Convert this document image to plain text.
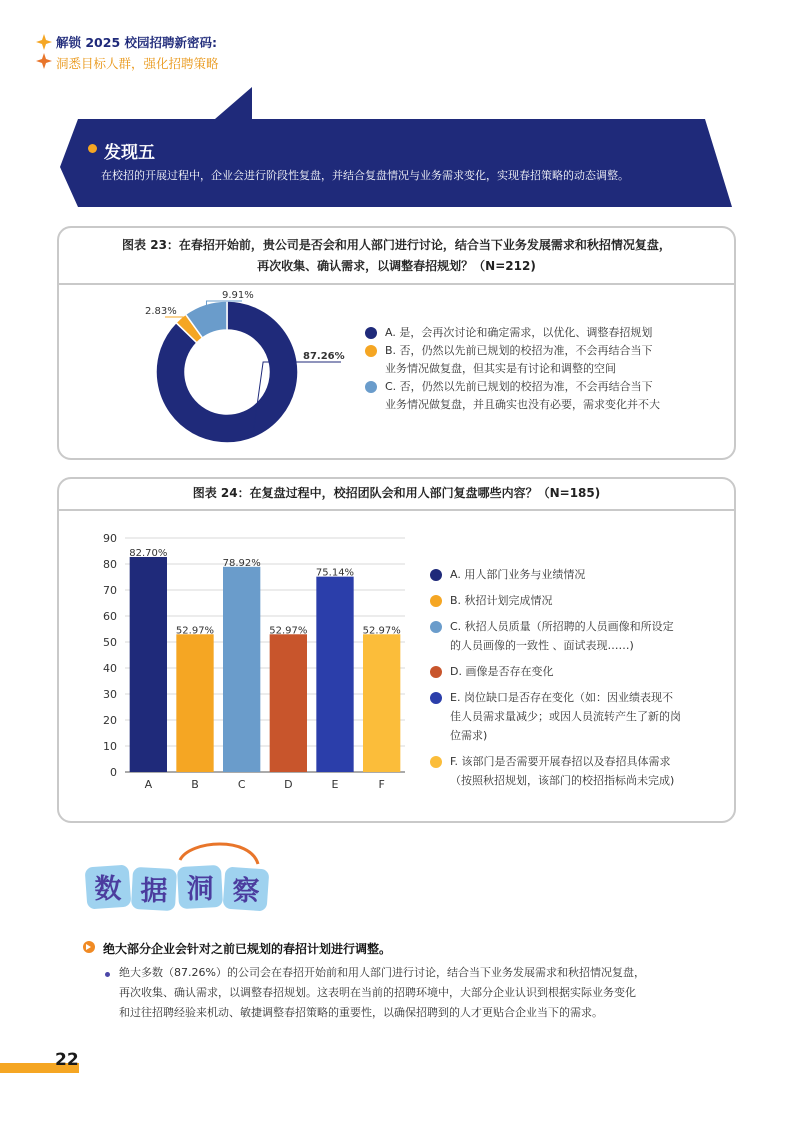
解锁 2025 校园招聘新密码:
洞悉目标人群，强化招聘策略
发现五
在校招的开展过程中，企业会进行阶段性复盘，并结合复盘情况与业务需求变化，实现春招策略的动态调整。
图表 23：在春招开始前，贵公司是否会和用人部门进行讨论，结合当下业务发展需求和秋招情况复盘，
再次收集、确认需求，以调整春招规划？（N=212)
87.26%
2.83%
9.91%
A. 是，会再次讨论和确定需求，以优化、调整春招规划
B. 否，仍然以先前已规划的校招为准，不会再结合当下
业务情况做复盘，但其实是有讨论和调整的空间
C. 否，仍然以先前已规划的校招为准，不会再结合当下
业务情况做复盘，并且确实也没有必要，需求变化并不大
图表 24：在复盘过程中，校招团队会和用人部门复盘哪些内容？（N=185)
0
10
20
30
40
50
60
70
80
90
82.70%
A
52.97%
B
78.92%
C
52.97%
D
75.14%
E
52.97%
F
A. 用人部门业务与业绩情况
B. 秋招计划完成情况
C. 秋招人员质量（所招聘的人员画像和所设定
的人员画像的一致性 、面试表现……)
D. 画像是否存在变化
E. 岗位缺口是否存在变化（如：因业绩表现不
佳人员需求量减少；或因人员流转产生了新的岗
位需求)
F. 该部门是否需要开展春招以及春招具体需求
（按照秋招规划，该部门的校招指标尚未完成)
数 据 洞 察
绝大部分企业会针对之前已规划的春招计划进行调整。
绝大多数（87.26%）的公司会在春招开始前和用人部门进行讨论，结合当下业务发展需求和秋招情况复盘，
再次收集、确认需求，以调整春招规划。这表明在当前的招聘环境中，大部分企业认识到根据实际业务变化
和过往招聘经验来机动、敏捷调整春招策略的重要性，以确保招聘到的人才更贴合企业当下的需求。
22
